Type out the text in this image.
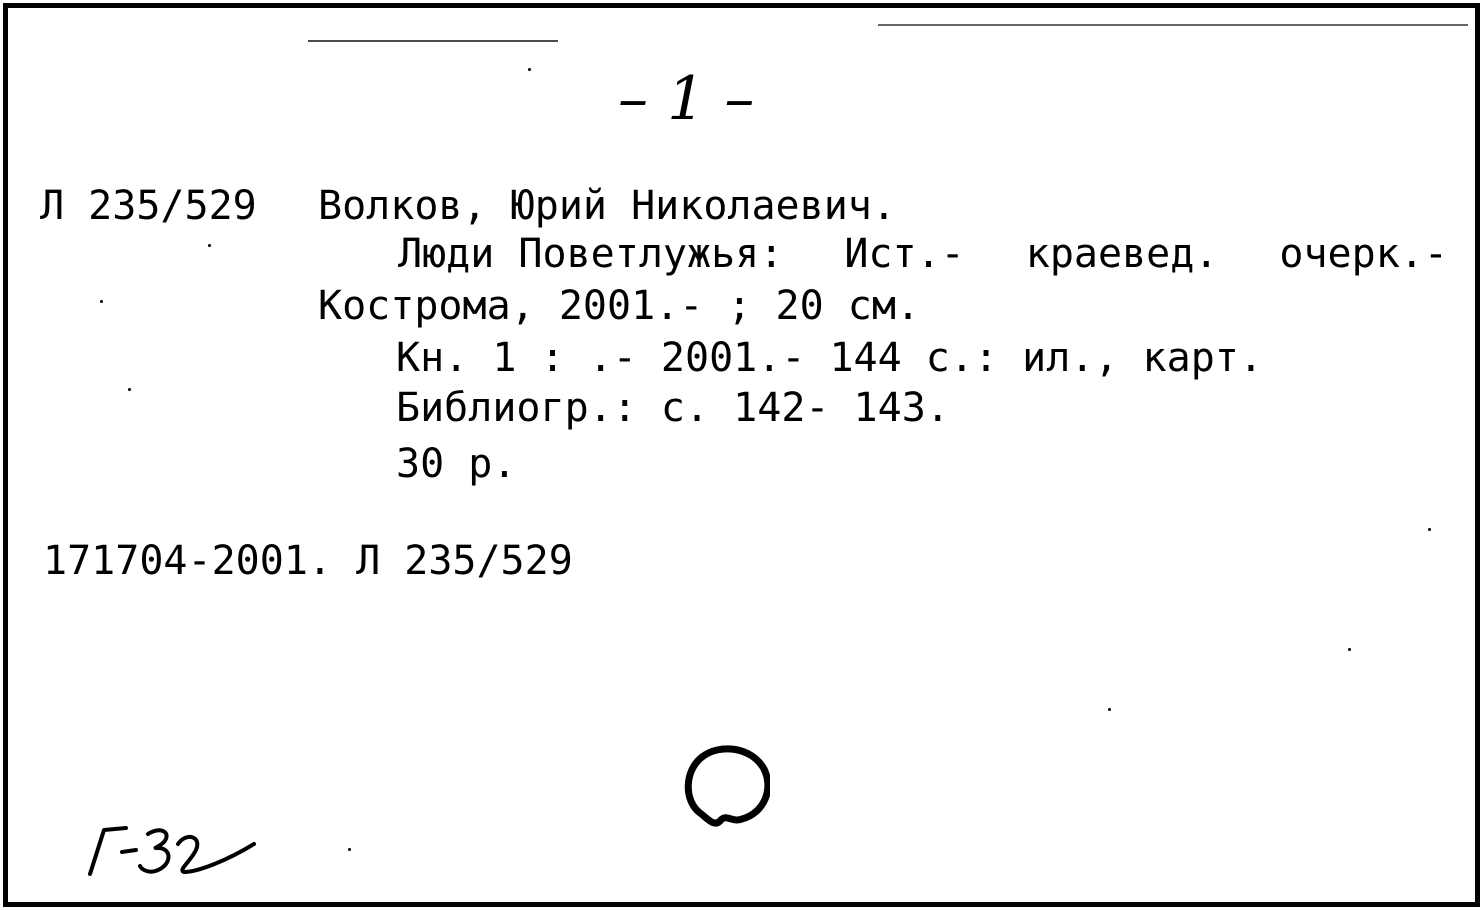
– 1 –
Л 235/529 Волков, Юрий Николаевич.
Люди Поветлужья: Ист.- краевед. очерк.-
Кострома, 2001.- ; 20 см.
Кн. 1 : .- 2001.- 144 с.: ил., карт.
Библиогр.: с. 142- 143.
30 р.
171704-2001. Л 235/529
